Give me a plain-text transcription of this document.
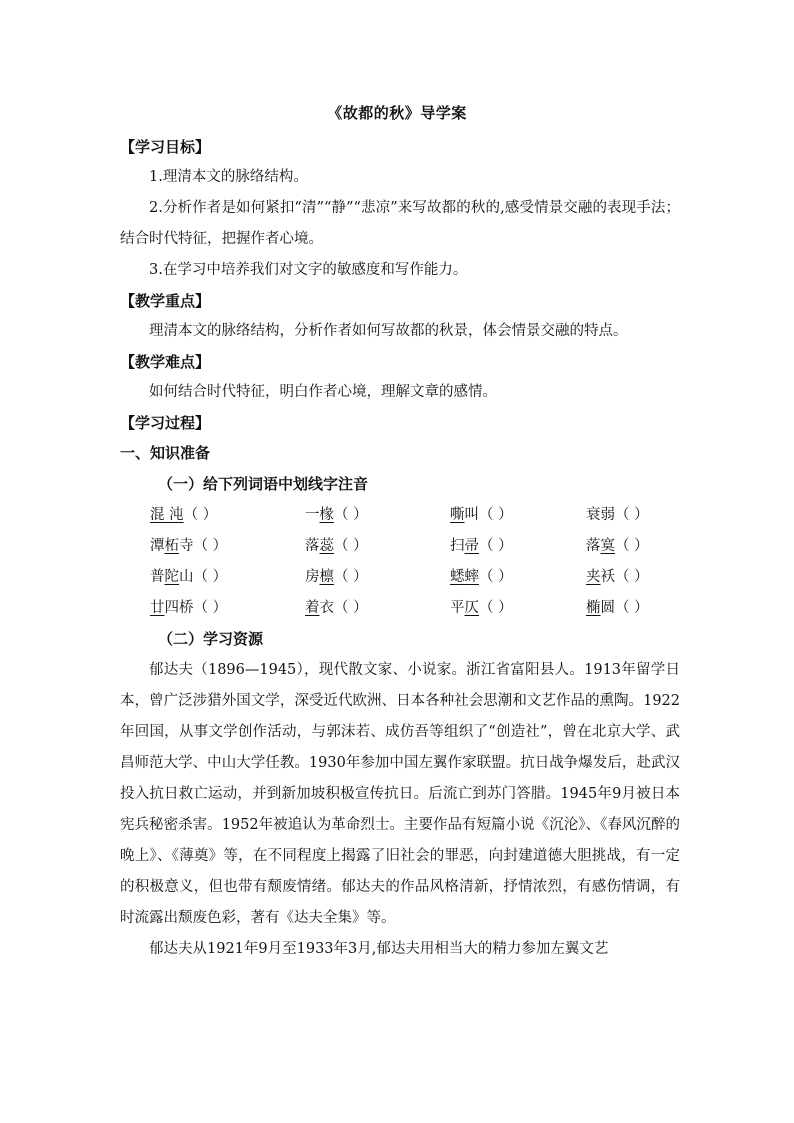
《故都的秋》导学案
【学习目标】

1.理清本文的脉络结构。

2.分析作者是如何紧扣“清”“静”“悲凉”来写故都的秋的,感受情景交融的表现手法；结合时代特征，把握作者心境。

3.在学习中培养我们对文字的敏感度和写作能力。

【教学重点】

理清本文的脉络结构，分析作者如何写故都的秋景，体会情景交融的特点。

【教学难点】

如何结合时代特征，明白作者心境，理解文章的感情。

【学习过程】
一、知识准备
（一）给下列词语中划线字注音
混 沌（ ）	一椽（ ）	嘶叫（ ）	衰弱（ ）
潭柘寺（ ）	落蕊（ ）	扫帚（ ）	落寞（ ）
普陀山（ ）	房檩（ ）	蟋蟀（ ）	夹袄（ ）
廿四桥（ ）	着衣（ ）	平仄（ ）	椭圆（ ）
（二）学习资源

郁达夫（1896—1945），现代散文家、小说家。浙江省富阳县人。1913年留学日本，曾广泛涉猎外国文学，深受近代欧洲、日本各种社会思潮和文艺作品的熏陶。1922年回国，从事文学创作活动，与郭沫若、成仿吾等组织了“创造社”，曾在北京大学、武昌师范大学、中山大学任教。1930年参加中国左翼作家联盟。抗日战争爆发后，赴武汉投入抗日救亡运动，并到新加坡积极宣传抗日。后流亡到苏门答腊。1945年9月被日本宪兵秘密杀害。1952年被追认为革命烈士。主要作品有短篇小说《沉沦》、《春风沉醉的晚上》、《薄奠》等，在不同程度上揭露了旧社会的罪恶，向封建道德大胆挑战，有一定的积极意义，但也带有颓废情绪。郁达夫的作品风格清新，抒情浓烈，有感伤情调，有时流露出颓废色彩，著有《达夫全集》等。

郁达夫从1921年9月至1933年3月,郁达夫用相当大的精力参加左翼文艺
